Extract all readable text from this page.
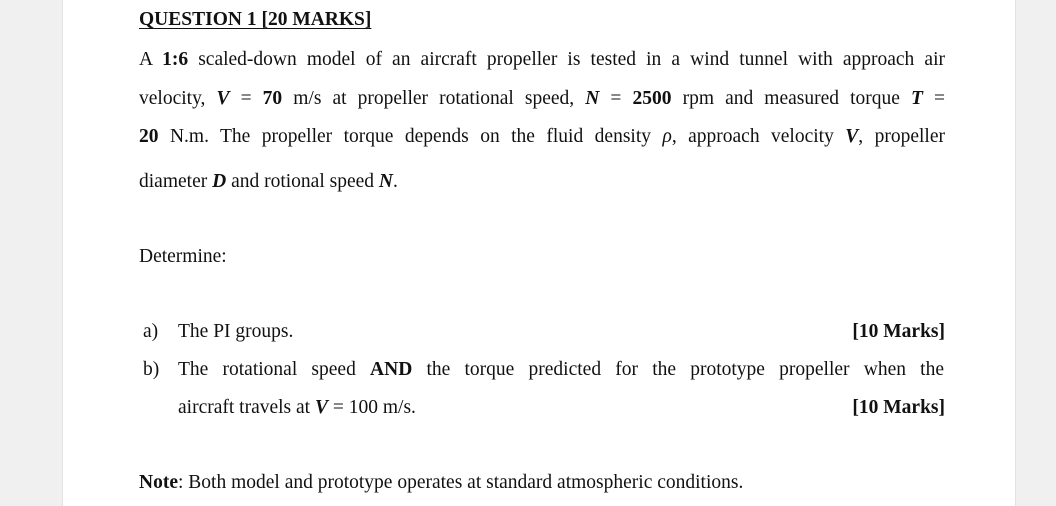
QUESTION 1 [20 MARKS]
A 1:6 scaled-down model of an aircraft propeller is tested in a wind tunnel with approach air
velocity, V = 70 m/s at propeller rotational speed, N = 2500 rpm and measured torque T =
20 N.m. The propeller torque depends on the fluid density ρ, approach velocity V, propeller
diameter D and rotional speed N.
Determine:
a) The PI groups.	[10 Marks]
b) The rotational speed AND the torque predicted for the prototype propeller when the
aircraft travels at V = 100 m/s.	[10 Marks]
Note: Both model and prototype operates at standard atmospheric conditions.
